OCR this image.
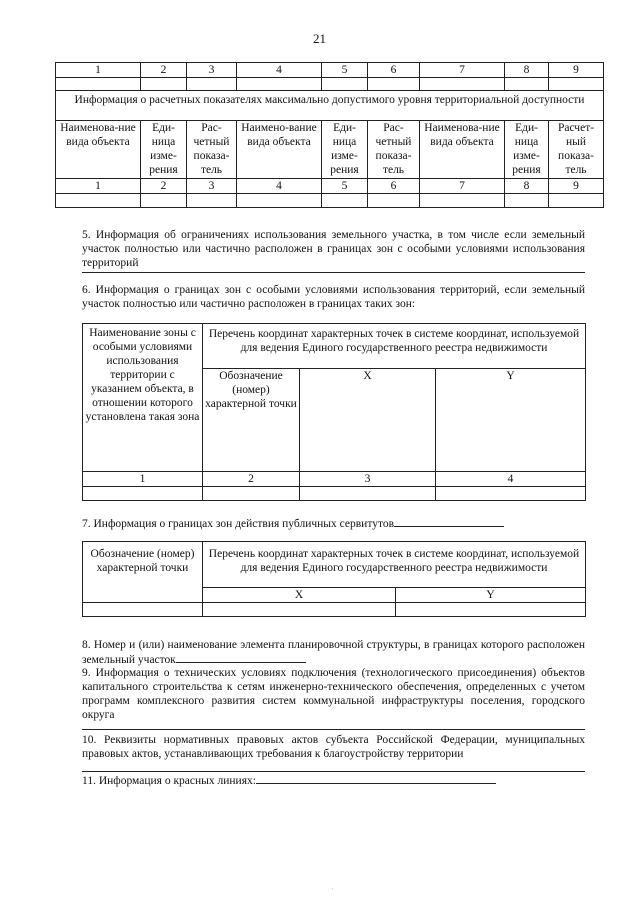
21
1	2	3	4	5	6	7	8	9

Информация о расчетных показателях максимально допустимого уровня территориальной доступности								
Наименова-ние вида объекта	Еди-ница изме-рения	Рас-четный показа-тель	Наимено-вание вида объекта	Еди-ница изме-рения	Рас-четный показа-тель	Наименова-ние вида объекта	Еди-ница изме-рения	Расчет-ный показа-тель
1	2	3	4	5	6	7	8	9

5. Информация об ограничениях использования земельного участка, в том числе если земельный участок полностью или частично расположен в границах зон с особыми условиями использования территорий
6. Информация о границах зон с особыми условиями использования территорий, если земельный участок полностью или частично расположен в границах таких зон:
Наименование зоны с особыми условиями использования территории с указанием объекта, в отношении которого установлена такая зона	Перечень координат характерных точек в системе координат, используемой для ведения Единого государственного реестра недвижимости		
	Обозначение (номер) характерной точки	X	Y
1	2	3	4

7. Информация о границах зон действия публичных сервитутов
Обозначение (номер) характерной точки	Перечень координат характерных точек в системе координат, используемой для ведения Единого государственного реестра недвижимости	
	X	Y

8. Номер и (или) наименование элемента планировочной структуры, в границах которого расположен земельный участок
9. Информация о технических условиях подключения (технологического присоединения) объектов капитального строительства к сетям инженерно-технического обеспечения, определенных с учетом программ комплексного развития систем коммунальной инфраструктуры поселения, городского округа
10. Реквизиты нормативных правовых актов субъекта Российской Федерации, муниципальных правовых актов, устанавливающих требования к благоустройству территории
11. Информация о красных линиях:
·
